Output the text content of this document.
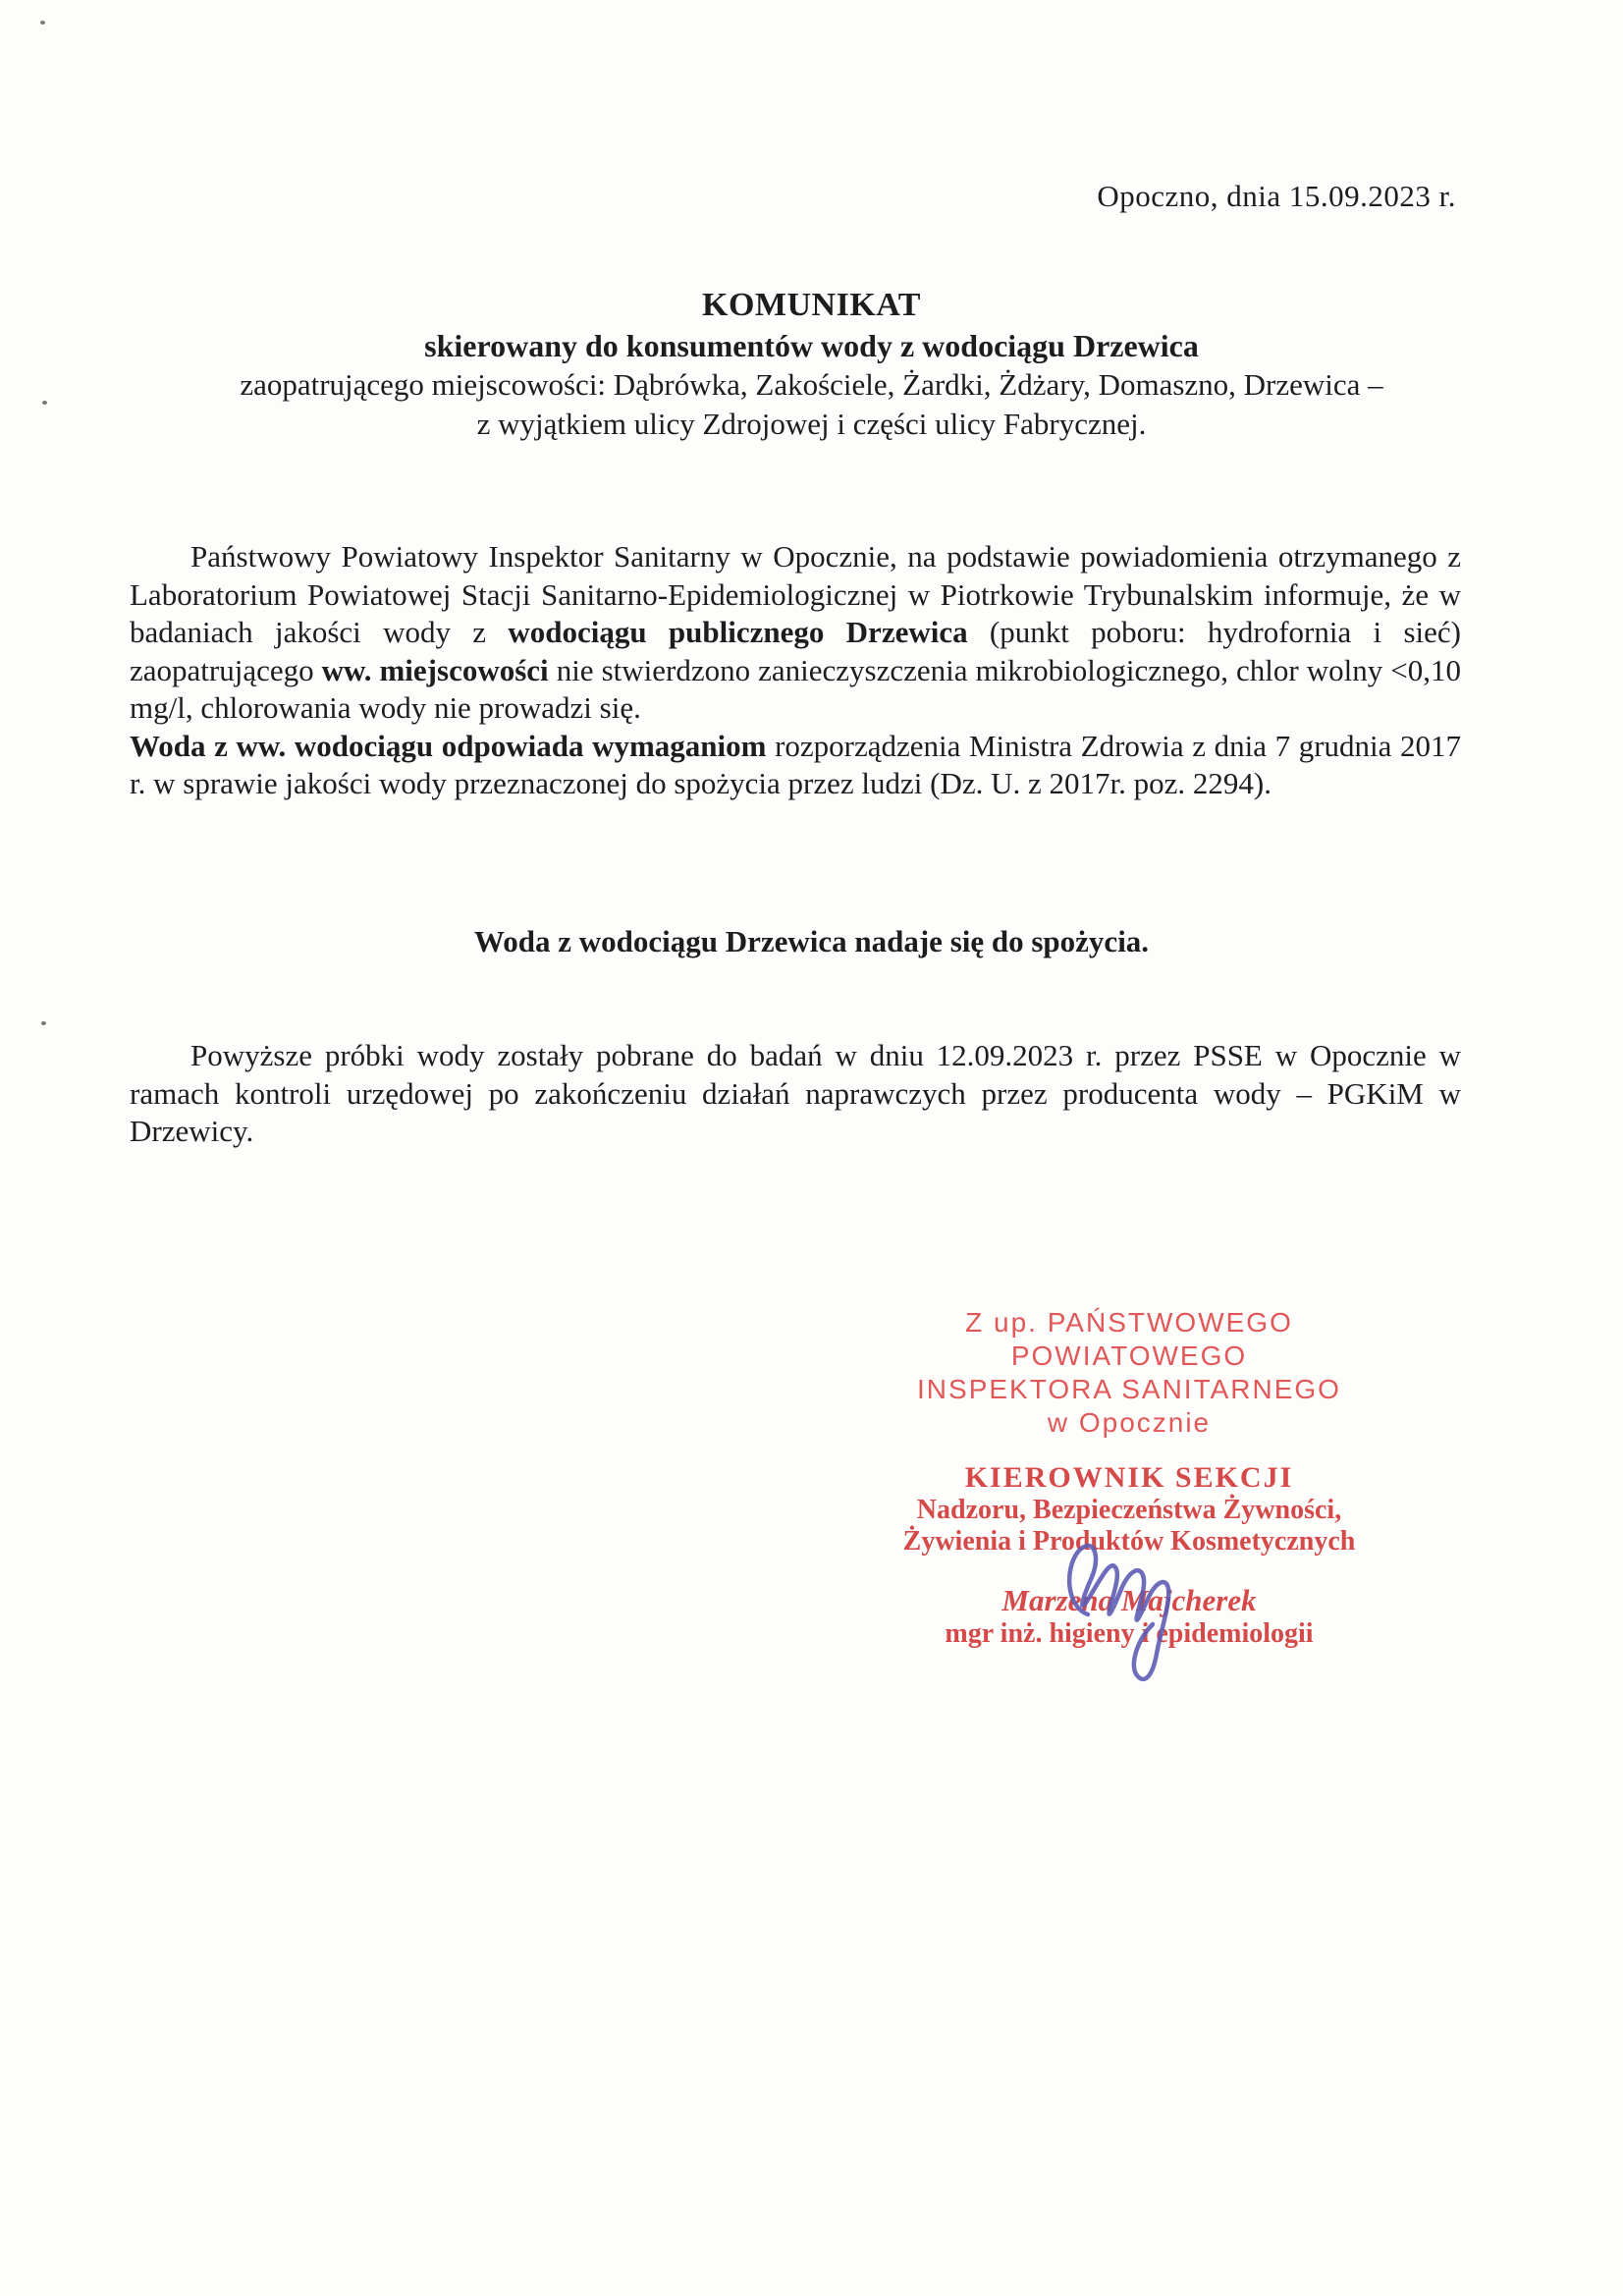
Opoczno, dnia 15.09.2023 r.
KOMUNIKAT
skierowany do konsumentów wody z wodociągu Drzewica
zaopatrującego miejscowości: Dąbrówka, Zakościele, Żardki, Żdżary, Domaszno, Drzewica –
z wyjątkiem ulicy Zdrojowej i części ulicy Fabrycznej.

Państwowy Powiatowy Inspektor Sanitarny w Opocznie, na podstawie powiadomienia otrzymanego z Laboratorium Powiatowej Stacji Sanitarno-Epidemiologicznej w Piotrkowie Trybunalskim informuje, że w badaniach jakości wody z wodociągu publicznego Drzewica (punkt poboru: hydrofornia i sieć) zaopatrującego ww. miejscowości nie stwierdzono zanieczyszczenia mikrobiologicznego, chlor wolny <0,10 mg/l, chlorowania wody nie prowadzi się.

Woda z ww. wodociągu odpowiada wymaganiom rozporządzenia Ministra Zdrowia z dnia 7 grudnia 2017 r. w sprawie jakości wody przeznaczonej do spożycia przez ludzi (Dz. U. z 2017r. poz. 2294).

Woda z wodociągu Drzewica nadaje się do spożycia.

Powyższe próbki wody zostały pobrane do badań w dniu 12.09.2023 r. przez PSSE w Opocznie w ramach kontroli urzędowej po zakończeniu działań naprawczych przez producenta wody – PGKiM w Drzewicy.

Z up. PAŃSTWOWEGO
POWIATOWEGO
INSPEKTORA SANITARNEGO
w Opocznie
KIEROWNIK SEKCJI
Nadzoru, Bezpieczeństwa Żywności,
Żywienia i Produktów Kosmetycznych
Marzena Majcherek
mgr inż. higieny i epidemiologii
